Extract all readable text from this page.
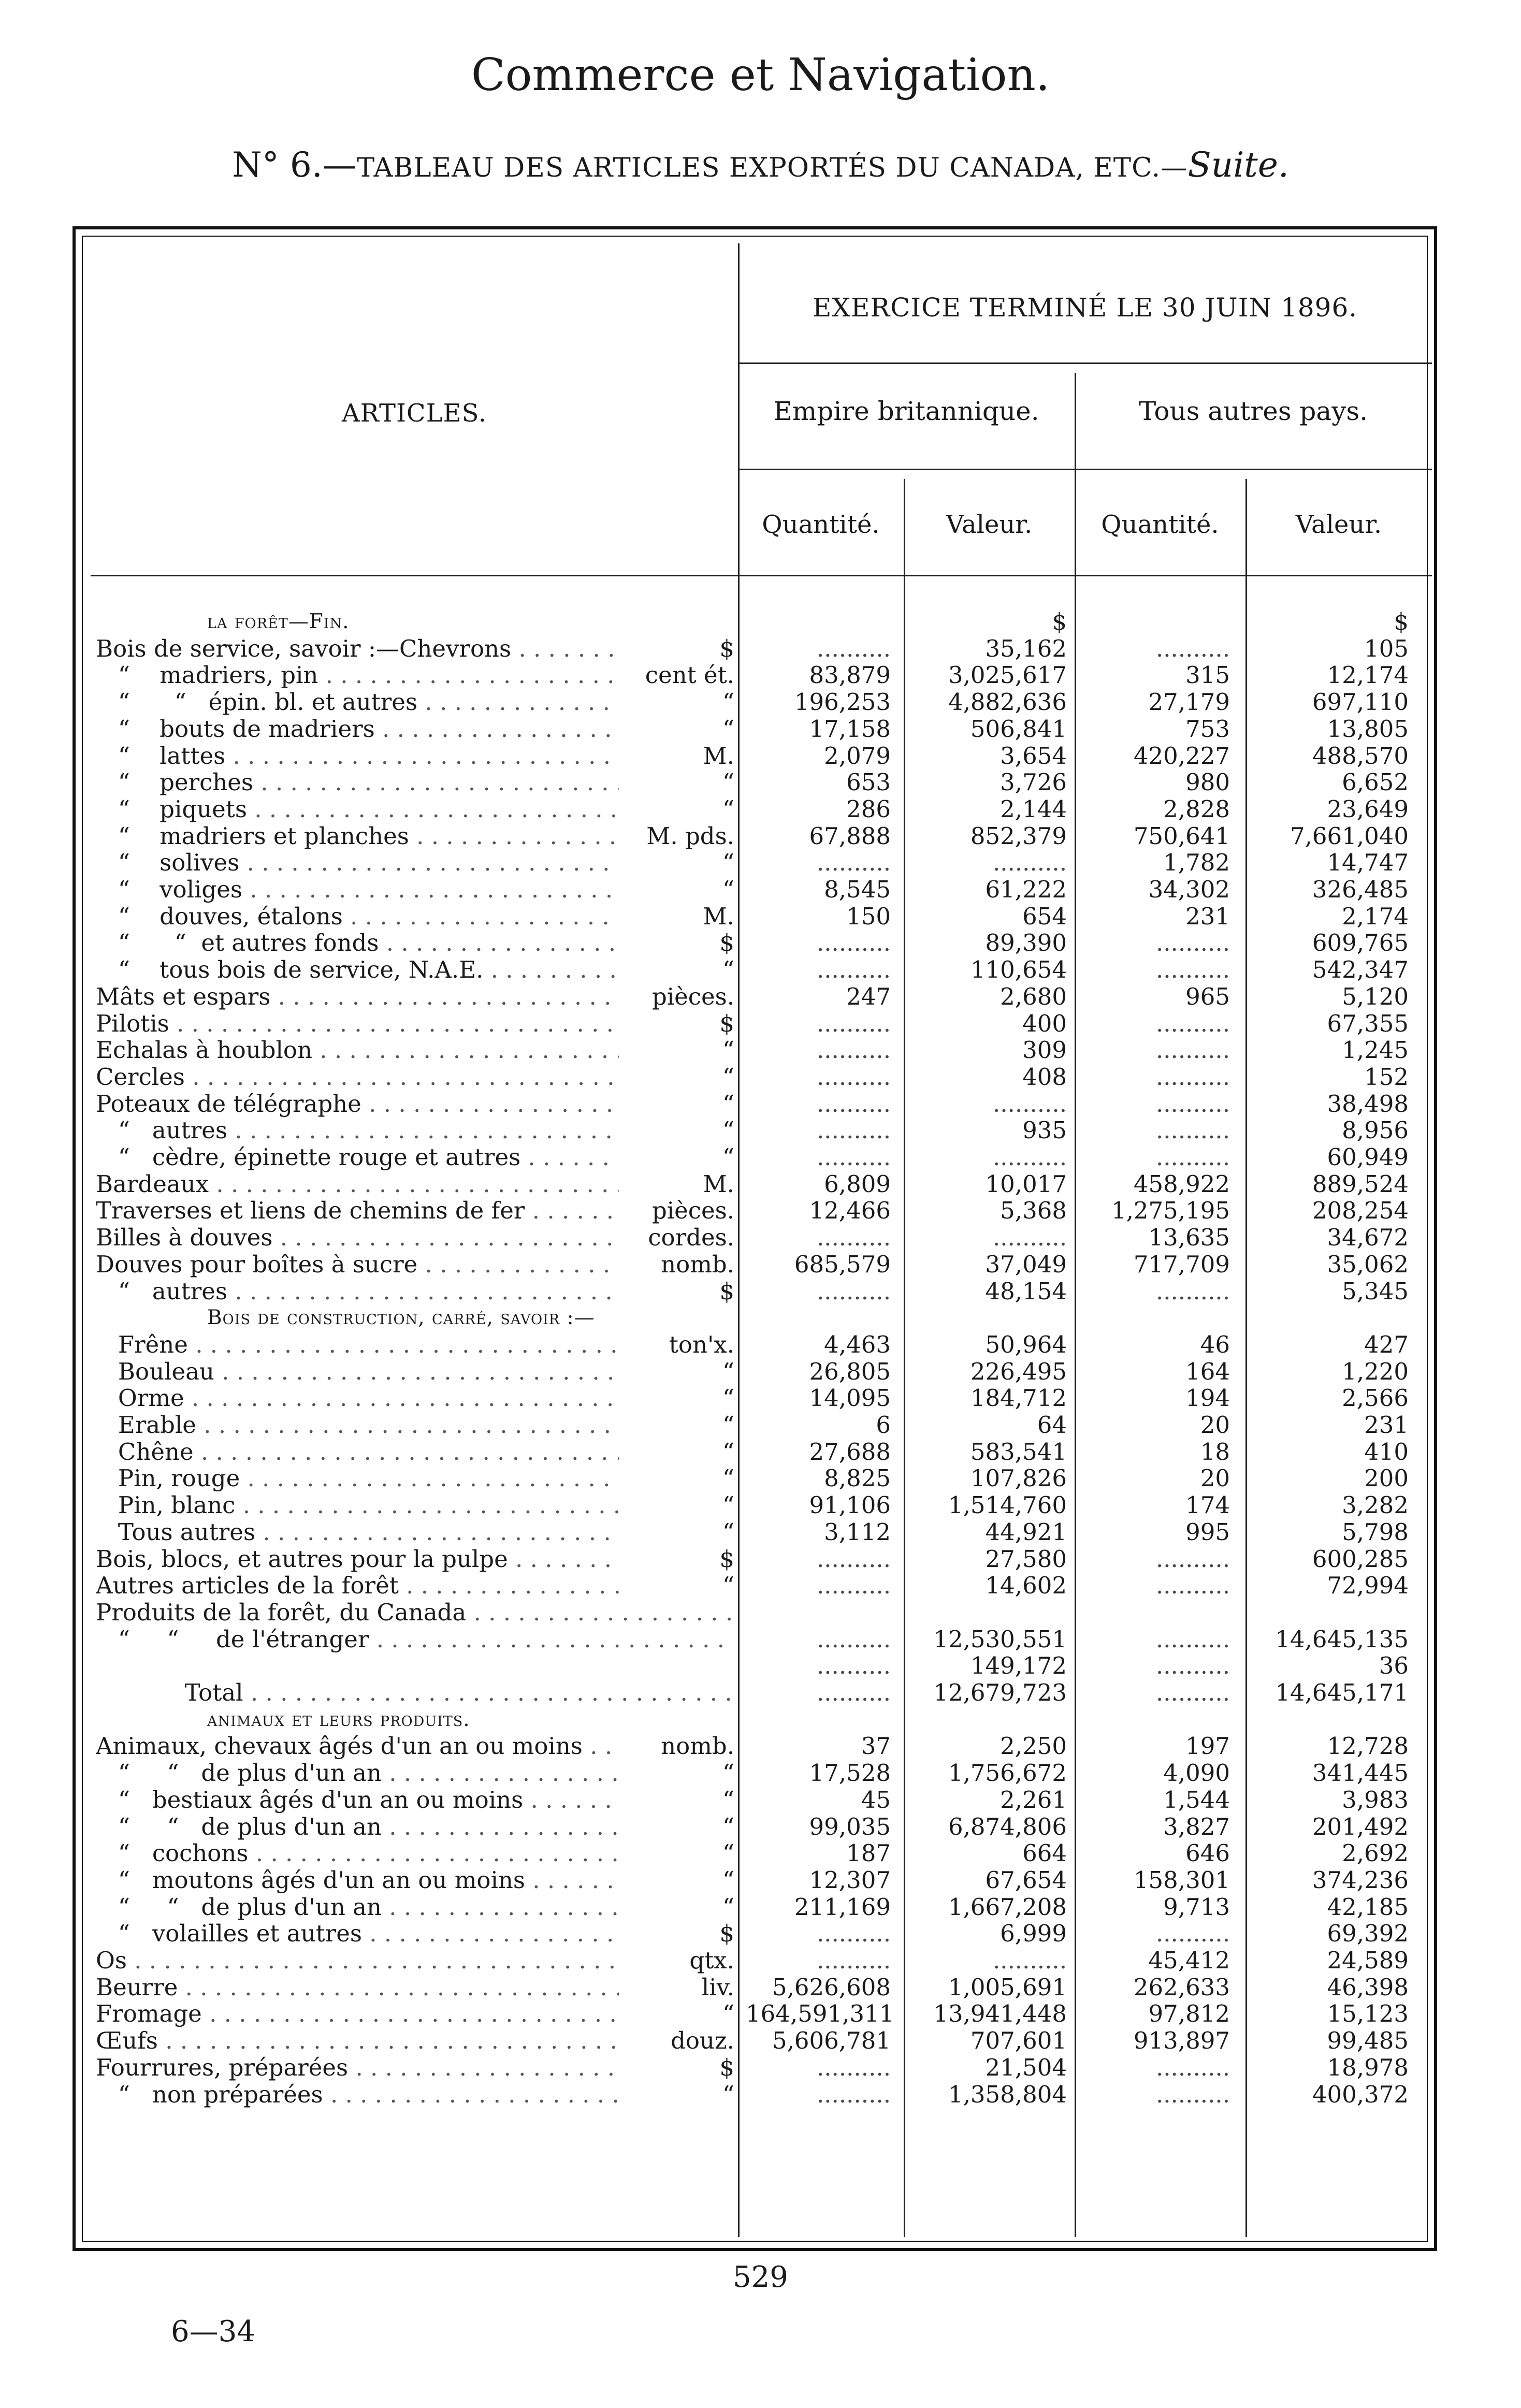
Commerce et Navigation.
N° 6.—TABLEAU DES ARTICLES EXPORTÉS DU CANADA, ETC.—Suite.
EXERCICE TERMINÉ LE 30 JUIN 1896.
ARTICLES.	Empire britannique.	Tous autres pays.
Quantité.	Valeur.	Quantité.	Valeur.
la forêt—Fin.	$	$
Bois de service, savoir :—Chevrons . . .	$	..........	35,162	..........	105
“    madriers, pin . . .	cent ét.	83,879	3,025,617	315	12,174
“      “   épin. bl. et autres . . .	“	196,253	4,882,636	27,179	697,110
“    bouts de madriers . . .	“	17,158	506,841	753	13,805
“    lattes . . .	M.	2,079	3,654	420,227	488,570
“    perches . . .	“	653	3,726	980	6,652
“    piquets . . .	“	286	2,144	2,828	23,649
“    madriers et planches . . .	M. pds.	67,888	852,379	750,641	7,661,040
“    solives . . .	“	..........	..........	1,782	14,747
“    voliges . . .	“	8,545	61,222	34,302	326,485
“    douves, étalons . . .	M.	150	654	231	2,174
“      “  et autres fonds . . .	$	..........	89,390	..........	609,765
“    tous bois de service, N.A.E. . . .	“	..........	110,654	..........	542,347
Mâts et espars . . .	pièces.	247	2,680	965	5,120
Pilotis . . .	$	..........	400	..........	67,355
Echalas à houblon . . .	“	..........	309	..........	1,245
Cercles . . .	“	..........	408	..........	152
Poteaux de télégraphe . . .	“	..........	..........	..........	38,498
“   autres . . .	“	..........	935	..........	8,956
“   cèdre, épinette rouge et autres . . .	“	..........	..........	..........	60,949
Bardeaux . . .	M.	6,809	10,017	458,922	889,524
Traverses et liens de chemins de fer . . .	pièces.	12,466	5,368	1,275,195	208,254
Billes à douves . . .	cordes.	..........	..........	13,635	34,672
Douves pour boîtes à sucre . . .	nomb.	685,579	37,049	717,709	35,062
“   autres . . .	$	..........	48,154	..........	5,345
Bois de construction, carré, savoir :—
Frêne . . .	ton'x.	4,463	50,964	46	427
Bouleau . . .	“	26,805	226,495	164	1,220
Orme . . .	“	14,095	184,712	194	2,566
Erable . . .	“	6	64	20	231
Chêne . . .	“	27,688	583,541	18	410
Pin, rouge . . .	“	8,825	107,826	20	200
Pin, blanc . . .	“	91,106	1,514,760	174	3,282
Tous autres . . .	“	3,112	44,921	995	5,798
Bois, blocs, et autres pour la pulpe . . .	$	..........	27,580	..........	600,285
Autres articles de la forêt . . .	“	..........	14,602	..........	72,994
Produits de la forêt, du Canada . . .
“     “     de l'étranger . . .	..........	12,530,551	..........	14,645,135
..........	149,172	..........	36
Total . . .	..........	12,679,723	..........	14,645,171
animaux et leurs produits.
Animaux, chevaux âgés d'un an ou moins . . .	nomb.	37	2,250	197	12,728
“     “   de plus d'un an . . .	“	17,528	1,756,672	4,090	341,445
“   bestiaux âgés d'un an ou moins . . .	“	45	2,261	1,544	3,983
“     “   de plus d'un an . . .	“	99,035	6,874,806	3,827	201,492
“   cochons . . .	“	187	664	646	2,692
“   moutons âgés d'un an ou moins . . .	“	12,307	67,654	158,301	374,236
“     “   de plus d'un an . . .	“	211,169	1,667,208	9,713	42,185
“   volailles et autres . . .	$	..........	6,999	..........	69,392
Os . . .	qtx.	..........	..........	45,412	24,589
Beurre . . .	liv.	5,626,608	1,005,691	262,633	46,398
Fromage . . .	“ 164,591,311	13,941,448	97,812	15,123
Œufs . . .	douz.	5,606,781	707,601	913,897	99,485
Fourrures, préparées . . .	$	..........	21,504	..........	18,978
“   non préparées . . .	“	..........	1,358,804	..........	400,372
529
6—34
